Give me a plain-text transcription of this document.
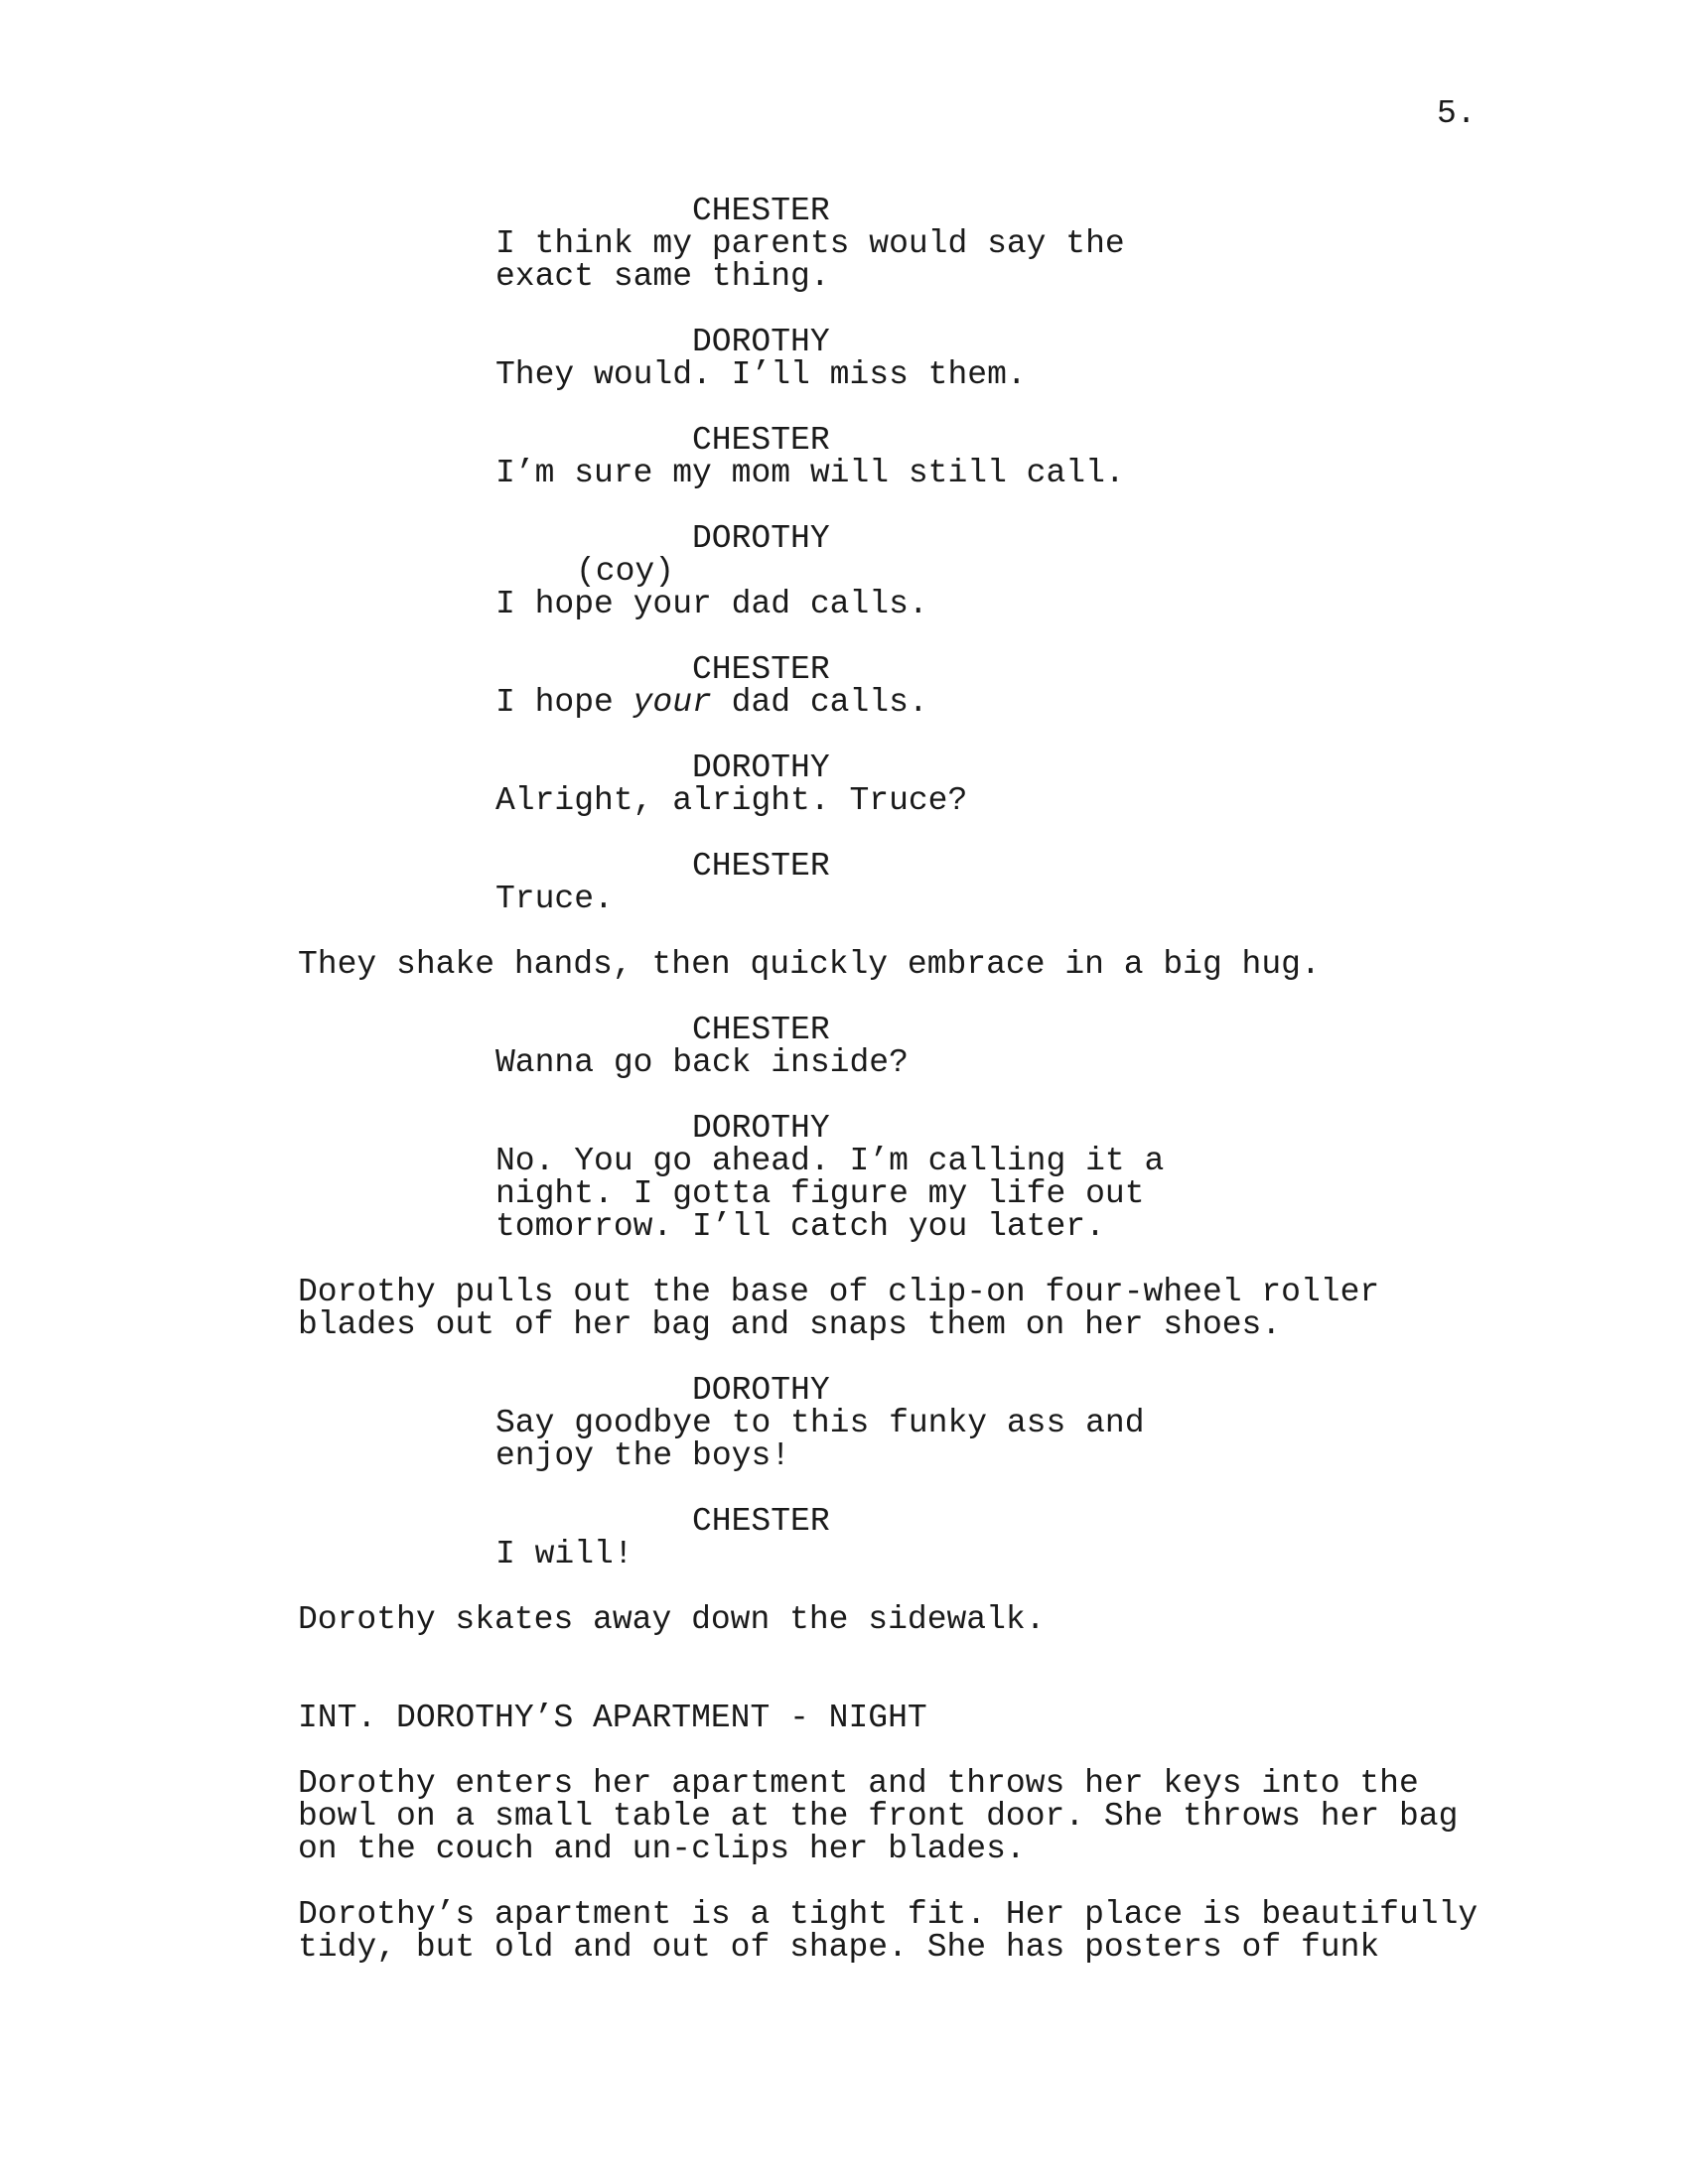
5.
CHESTER
I think my parents would say the
exact same thing.
DOROTHY
They would. I’ll miss them.
CHESTER
I’m sure my mom will still call.
DOROTHY
(coy)
I hope your dad calls.
CHESTER
I hope your dad calls.
DOROTHY
Alright, alright. Truce?
CHESTER
Truce.
They shake hands, then quickly embrace in a big hug.
CHESTER
Wanna go back inside?
DOROTHY
No. You go ahead. I’m calling it a
night. I gotta figure my life out
tomorrow. I’ll catch you later.
Dorothy pulls out the base of clip-on four-wheel roller
blades out of her bag and snaps them on her shoes.
DOROTHY
Say goodbye to this funky ass and
enjoy the boys!
CHESTER
I will!
Dorothy skates away down the sidewalk.
INT. DOROTHY’S APARTMENT - NIGHT
Dorothy enters her apartment and throws her keys into the
bowl on a small table at the front door. She throws her bag
on the couch and un-clips her blades.
Dorothy’s apartment is a tight fit. Her place is beautifully
tidy, but old and out of shape. She has posters of funk
